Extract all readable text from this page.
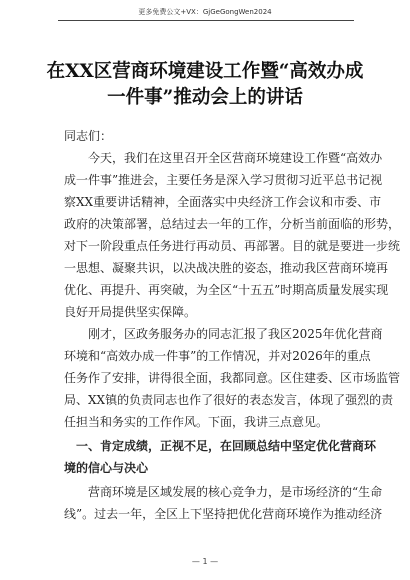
更多免费公文+VX：GjGeGongWen2024
在XX区营商环境建设工作暨“高效办成
一件事”推动会上的讲话
同志们：
今天，我们在这里召开全区营商环境建设工作暨“高效办
成一件事”推进会，主要任务是深入学习贯彻习近平总书记视
察XX重要讲话精神，全面落实中央经济工作会议和市委、市
政府的决策部署，总结过去一年的工作，分析当前面临的形势，
对下一阶段重点任务进行再动员、再部署。目的就是要进一步统
一思想、凝聚共识，以决战决胜的姿态，推动我区营商环境再
优化、再提升、再突破，为全区“十五五”时期高质量发展实现
良好开局提供坚实保障。
刚才，区政务服务办的同志汇报了我区2025年优化营商
环境和“高效办成一件事”的工作情况，并对2026年的重点
任务作了安排，讲得很全面，我都同意。区住建委、区市场监管
局、XX镇的负责同志也作了很好的表态发言，体现了强烈的责
任担当和务实的工作作风。下面，我讲三点意见。
一、肯定成绩，正视不足，在回顾总结中坚定优化营商环
境的信心与决心
营商环境是区域发展的核心竞争力，是市场经济的“生命
线”。过去一年，全区上下坚持把优化营商环境作为推动经济
— 1 —
